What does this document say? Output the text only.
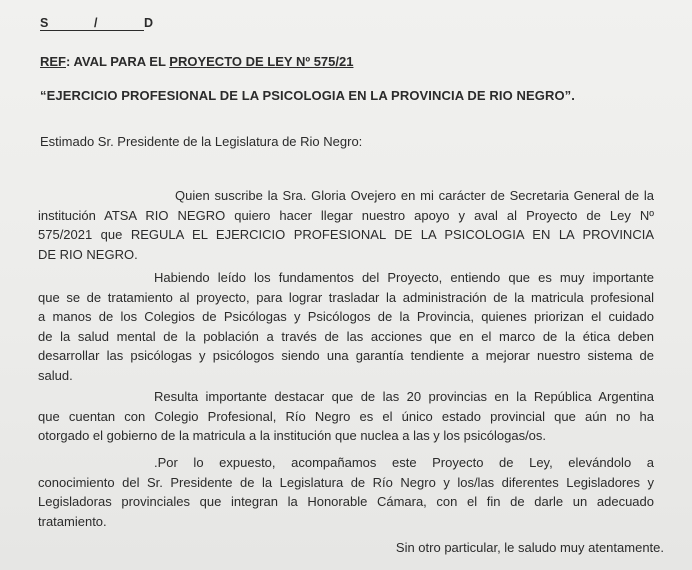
S	/	D
REF: AVAL PARA EL PROYECTO DE LEY Nº 575/21
“EJERCICIO PROFESIONAL DE LA PSICOLOGIA EN LA PROVINCIA DE RIO NEGRO”.
Estimado Sr. Presidente de la Legislatura de Rio Negro:
Quien suscribe la Sra. Gloria Ovejero en mi carácter de Secretaria General de la
institución ATSA RIO NEGRO quiero hacer llegar nuestro apoyo y aval al Proyecto de Ley Nº
575/2021 que REGULA EL EJERCICIO PROFESIONAL DE LA PSICOLOGIA EN LA PROVINCIA
DE RIO NEGRO.
Habiendo leído los fundamentos del Proyecto, entiendo que es muy importante
que se de tratamiento al proyecto, para lograr trasladar la administración de la matricula profesional
a manos de los Colegios de Psicólogas y Psicólogos de la Provincia, quienes priorizan el cuidado
de la salud mental de la población a través de las acciones que en el marco de la ética deben
desarrollar las psicólogas y psicólogos siendo una garantía tendiente a mejorar nuestro sistema de
salud.
Resulta importante destacar que de las 20 provincias en la República Argentina
que cuentan con Colegio Profesional, Río Negro es el único estado provincial que aún no ha
otorgado el gobierno de la matricula a la institución que nuclea a las y los psicólogas/os.
.Por lo expuesto, acompañamos este Proyecto de Ley, elevándolo a
conocimiento del Sr. Presidente de la Legislatura de Río Negro y los/las diferentes Legisladores y
Legisladoras provinciales que integran la Honorable Cámara, con el fin de darle un adecuado
tratamiento.
Sin otro particular, le saludo muy atentamente.
